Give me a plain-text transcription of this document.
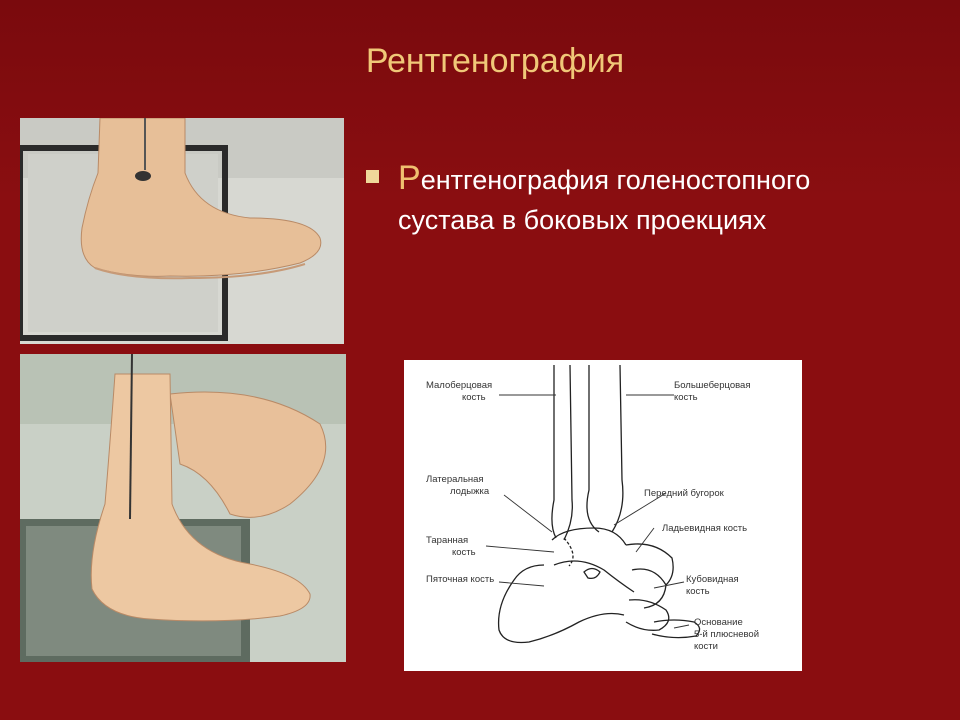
Рентгенография
Рентгенография голеностопного
сустава в боковых проекциях
Малоберцовая
кость
Большеберцовая
кость
Латеральная
лодыжка	Передний бугорок
Ладьевидная кость
Таранная
кость
Пяточная кость	Кубовидная
кость
Основание
5-й плюсневой
кости
